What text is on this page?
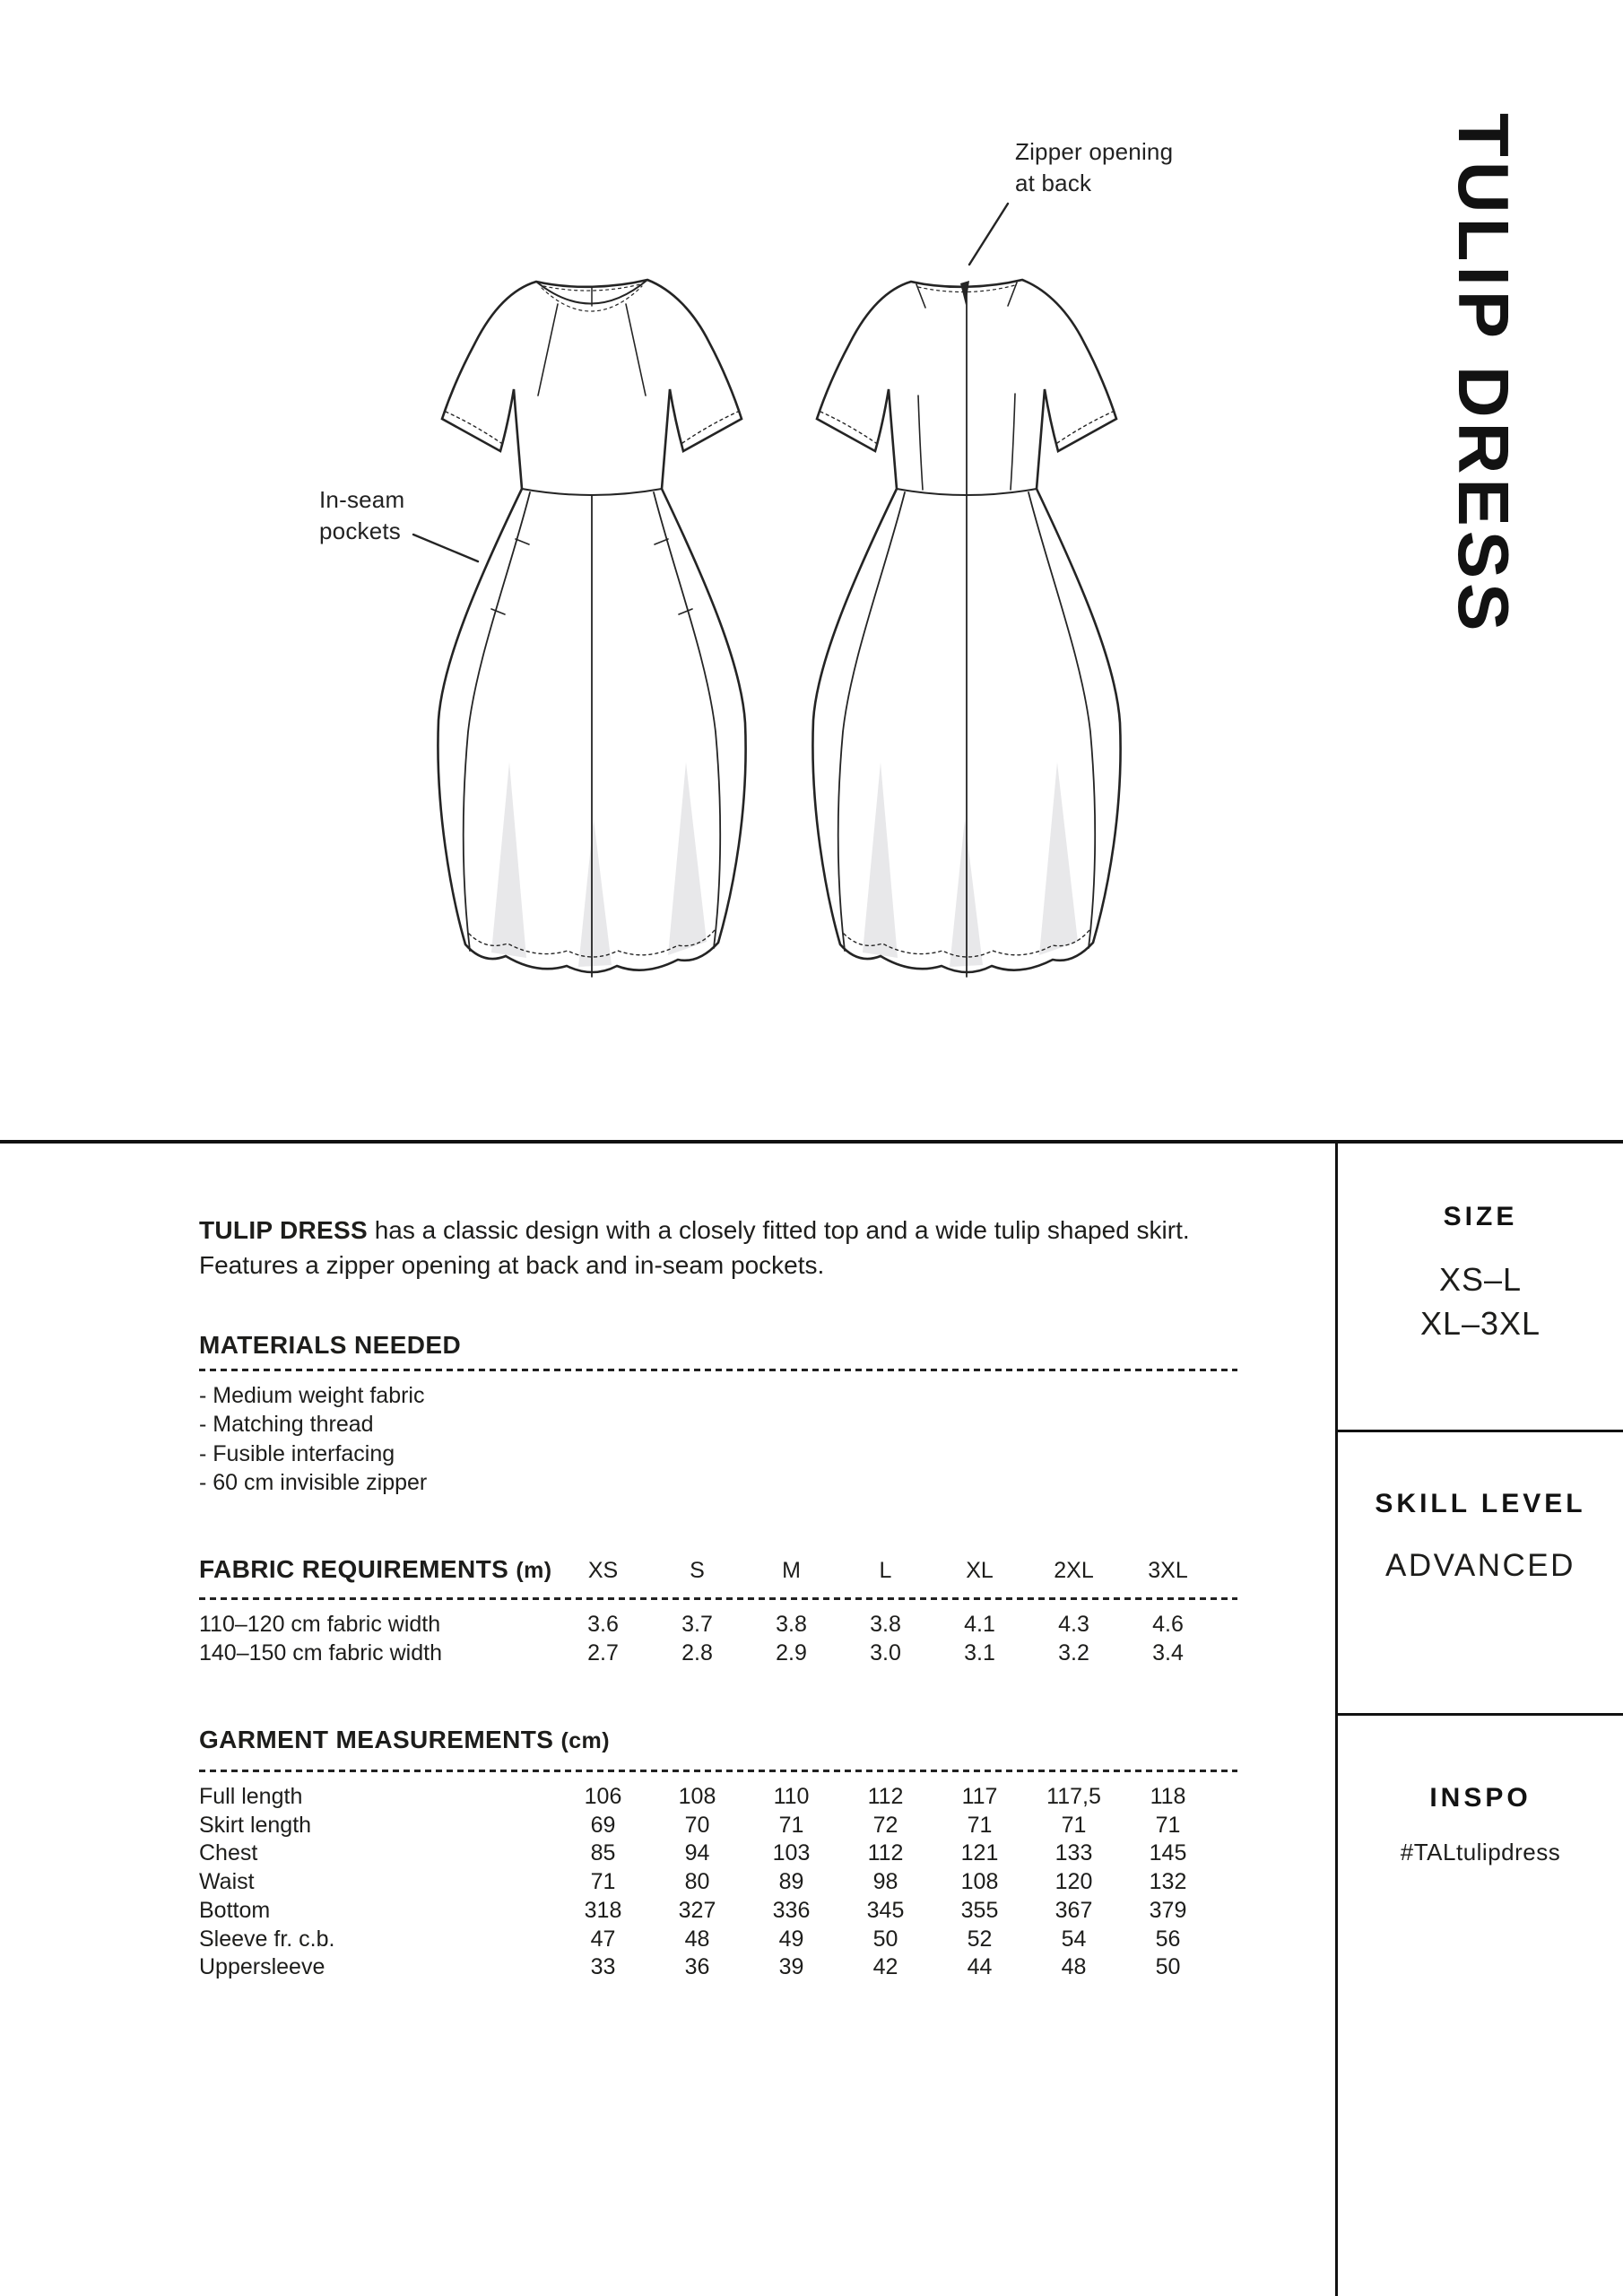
Zipper opening
at back
In-seam
pockets	TULIP DRESS
TULIP DRESS has a classic design with a closely fitted top and a wide tulip shaped skirt. Features a zipper opening at back and in-seam pockets.
MATERIALS NEEDED
- Medium weight fabric
- Matching thread
- Fusible interfacing
- 60 cm invisible zipper
FABRIC REQUIREMENTS (m)	XS	S	M	L	XL	2XL	3XL
110–120 cm fabric width	3.6	3.7	3.8	3.8	4.1	4.3	4.6
140–150 cm fabric width	2.7	2.8	2.9	3.0	3.1	3.2	3.4
GARMENT MEASUREMENTS (cm)
Full length	106	108	110	112	117	117,5	118
Skirt length	69	70	71	72	71	71	71
Chest	85	94	103	112	121	133	145
Waist	71	80	89	98	108	120	132
Bottom	318	327	336	345	355	367	379
Sleeve fr. c.b.	47	48	49	50	52	54	56
Uppersleeve	33	36	39	42	44	48	50
SIZE
XS–L
XL–3XL
SKILL LEVEL
ADVANCED
INSPO
#TALtulipdress
